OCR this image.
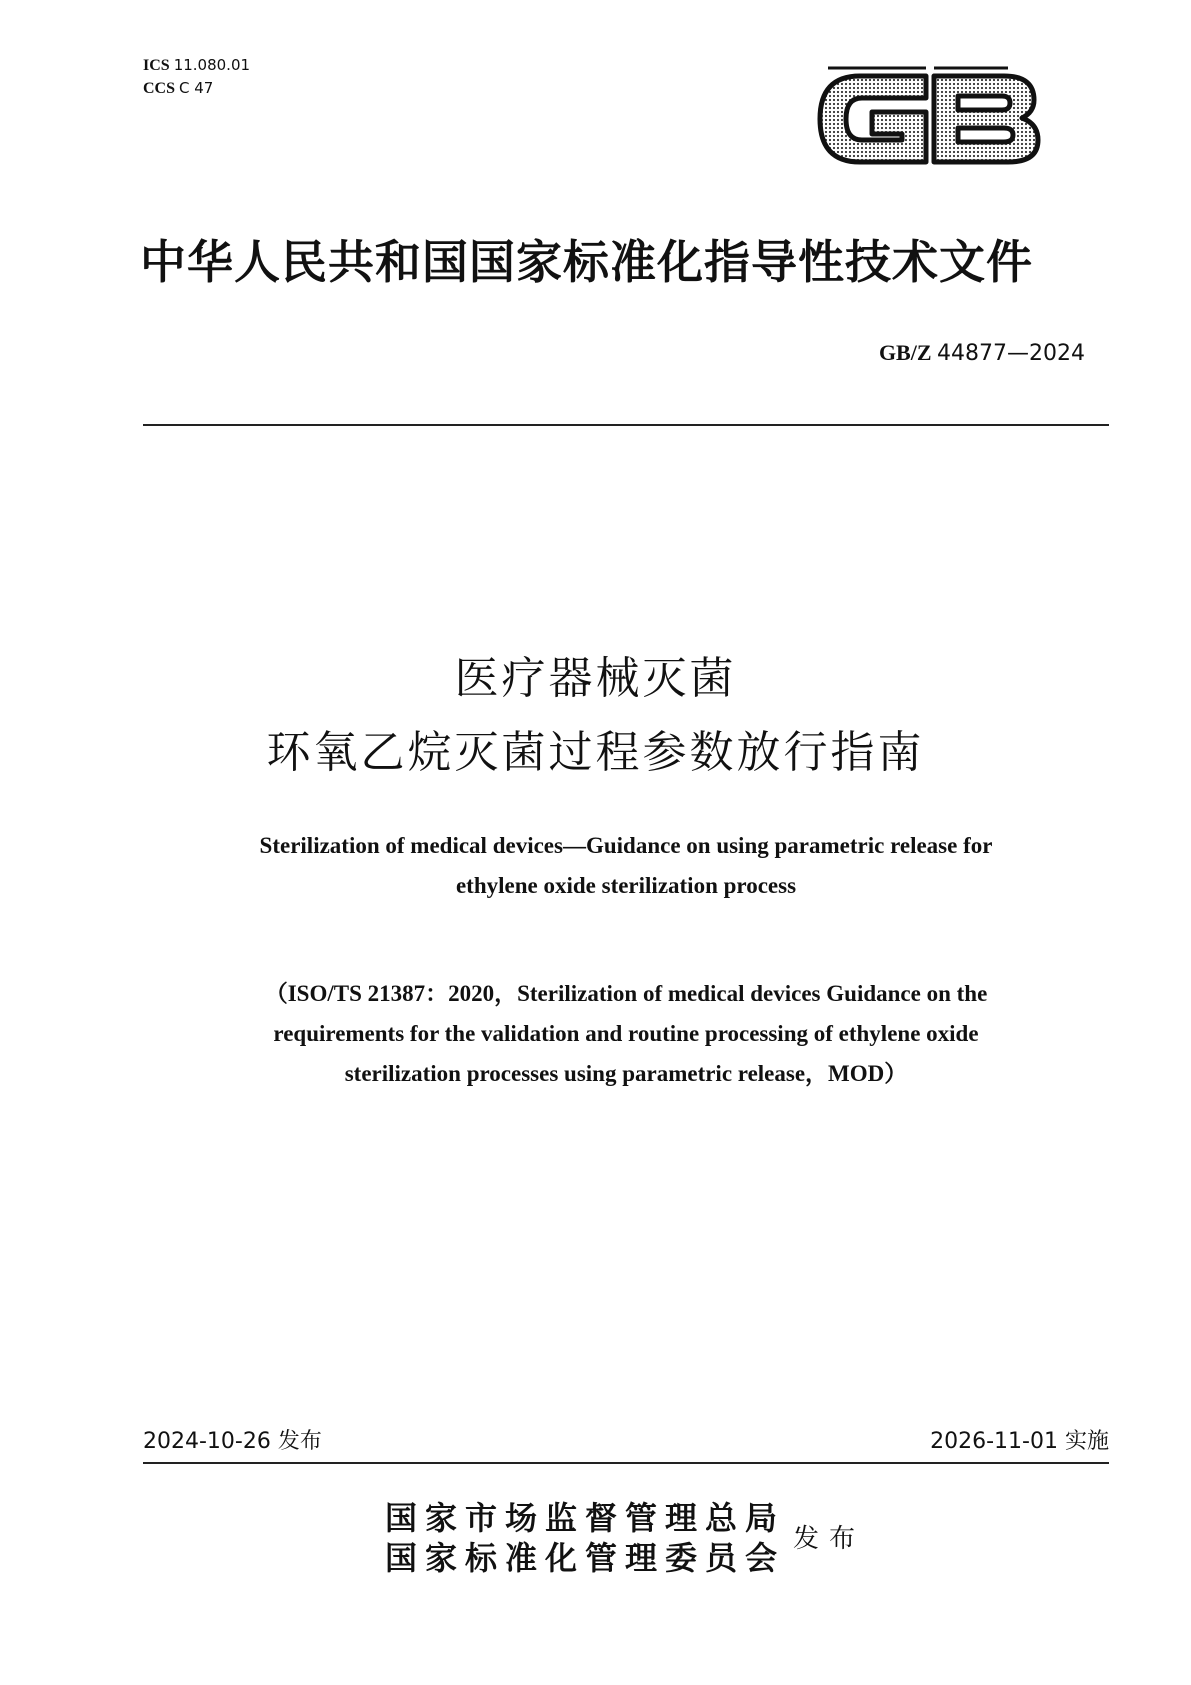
ICS 11.080.01
CCS C 47
中华人民共和国国家标准化指导性技术文件
GB/Z 44877—2024
医疗器械灭菌
环氧乙烷灭菌过程参数放行指南
Sterilization of medical devices—Guidance on using parametric release for
ethylene oxide sterilization process
（ISO/TS 21387：2020，Sterilization of medical devices Guidance on the
requirements for the validation and routine processing of ethylene oxide
sterilization processes using parametric release，MOD）
2024-10-26 发布	2026-11-01 实施
国家市场监督管理总局
国家标准化管理委员会
发布
